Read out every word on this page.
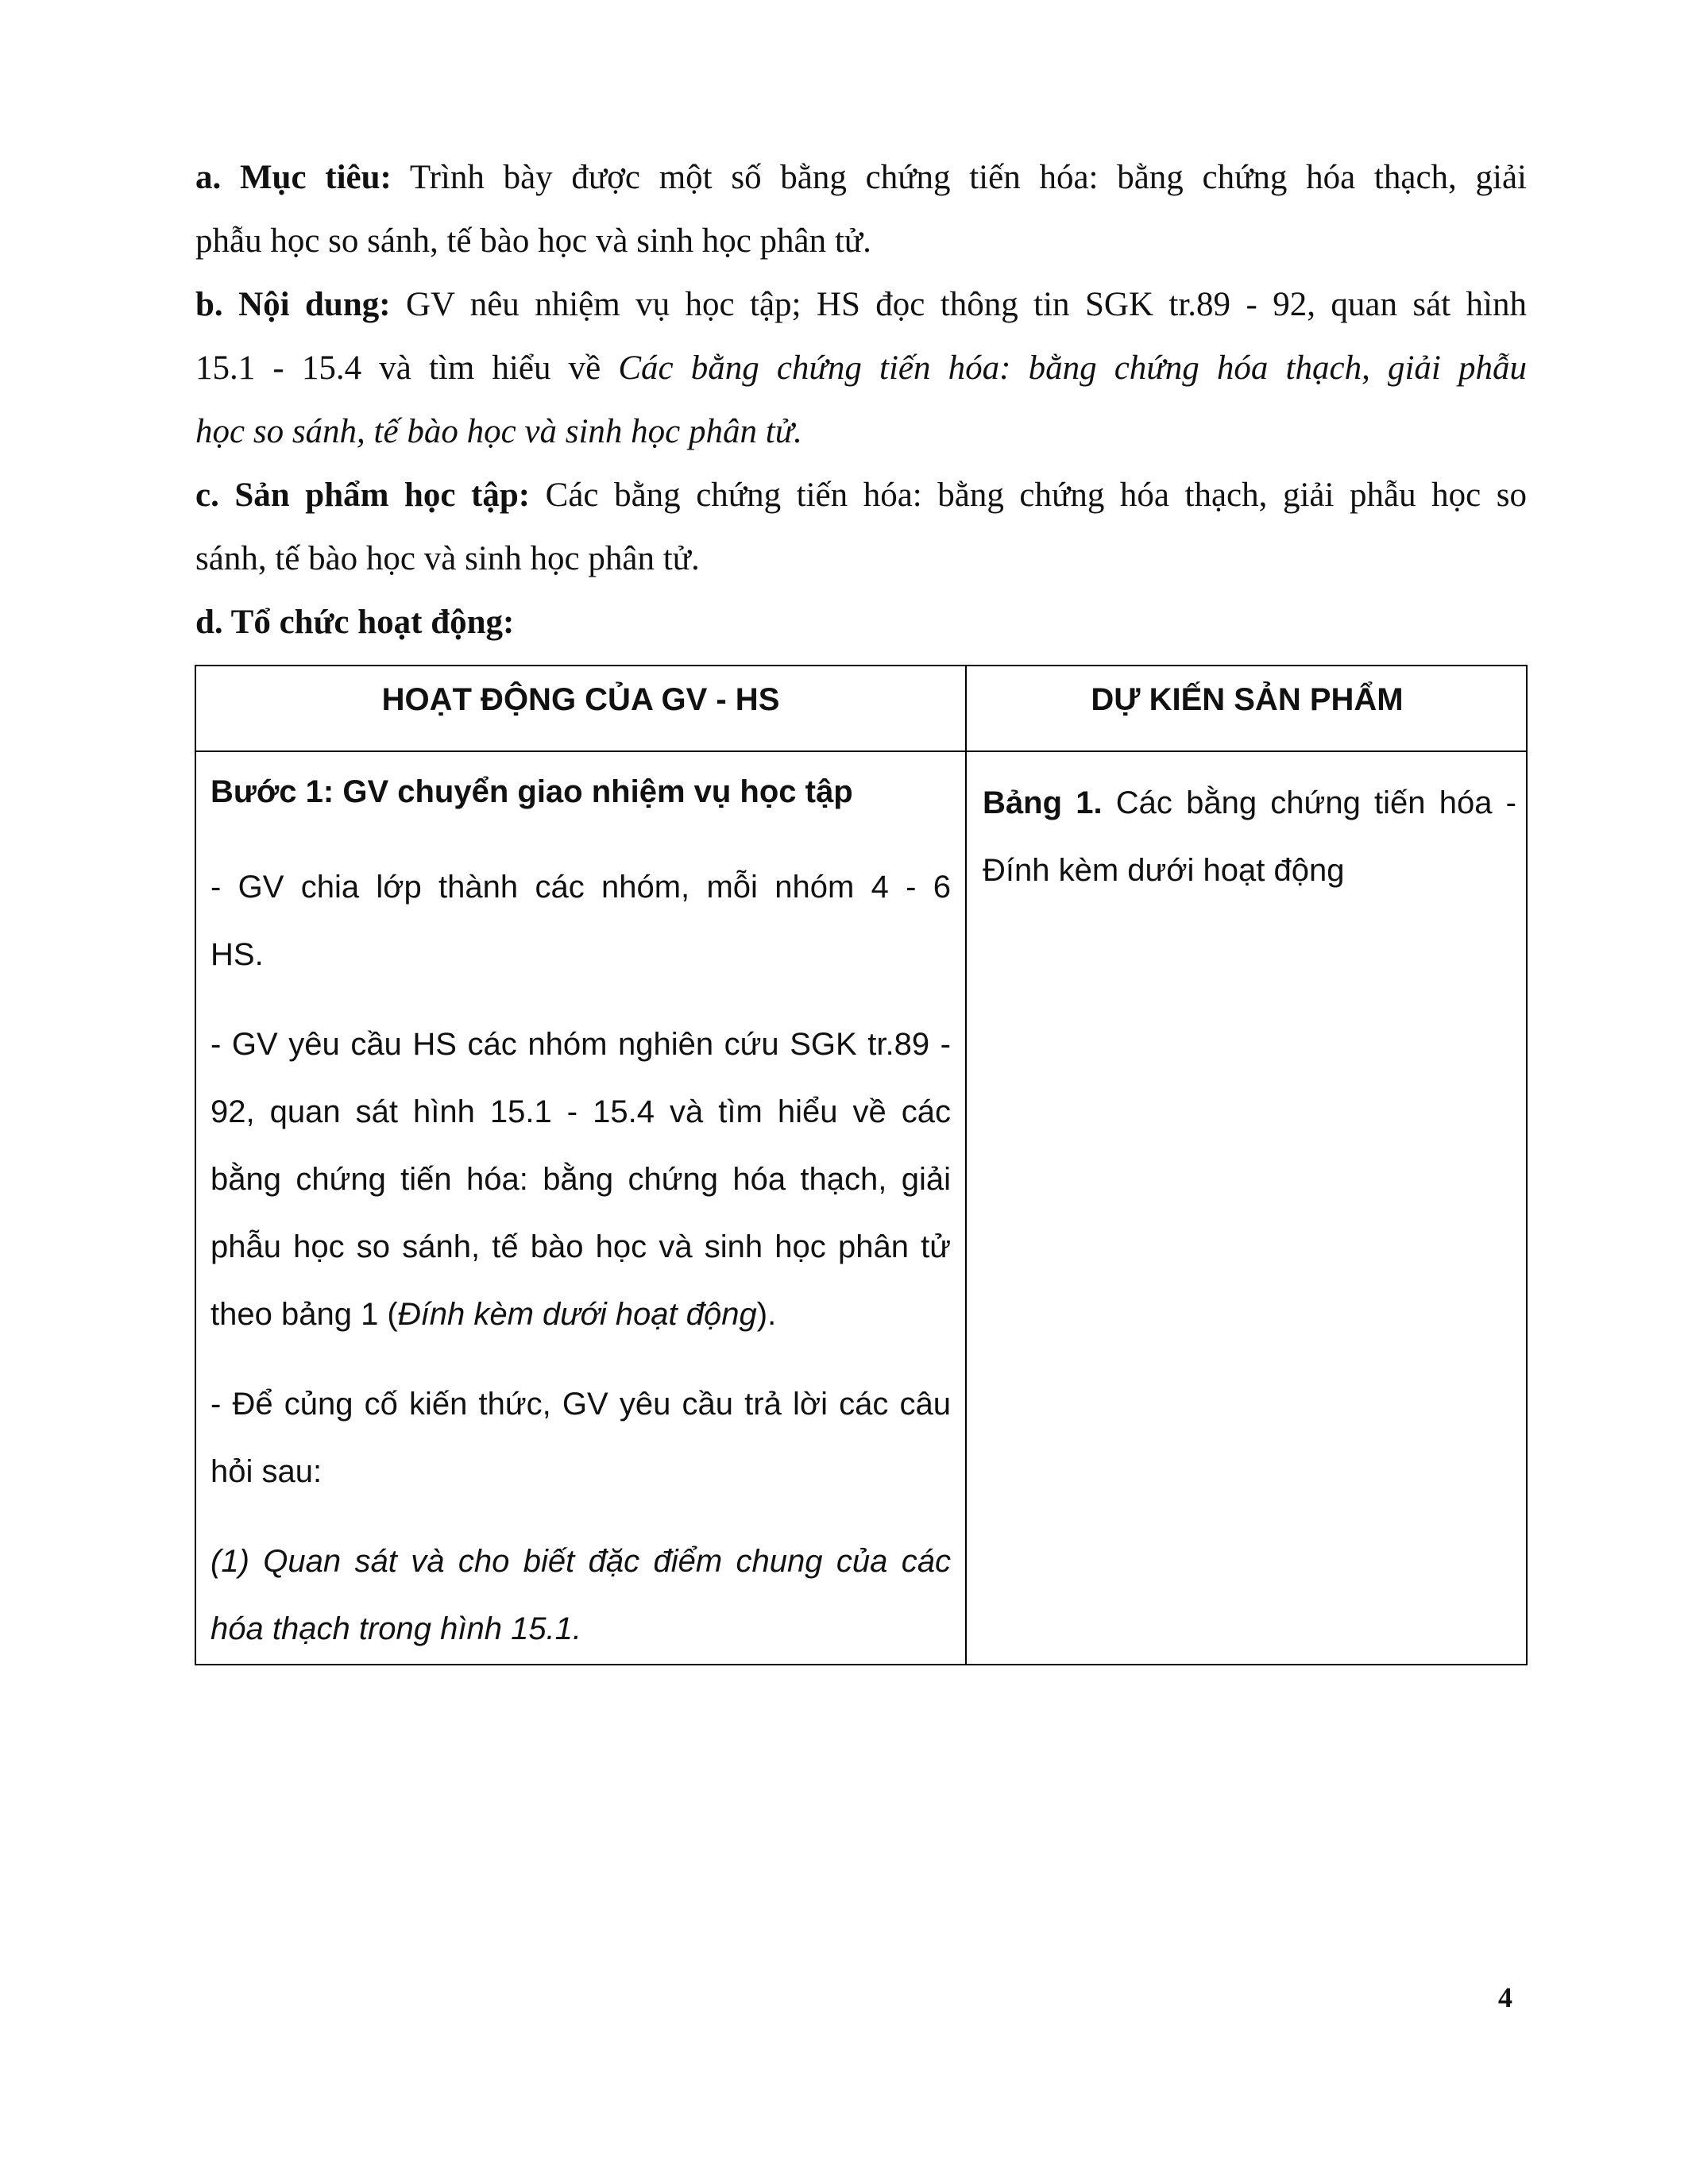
a. Mục tiêu: Trình bày được một số bằng chứng tiến hóa: bằng chứng hóa thạch, giải
phẫu học so sánh, tế bào học và sinh học phân tử.
b. Nội dung: GV nêu nhiệm vụ học tập; HS đọc thông tin SGK tr.89 - 92, quan sát hình
15.1 - 15.4 và tìm hiểu về Các bằng chứng tiến hóa: bằng chứng hóa thạch, giải phẫu
học so sánh, tế bào học và sinh học phân tử.
c. Sản phẩm học tập: Các bằng chứng tiến hóa: bằng chứng hóa thạch, giải phẫu học so
sánh, tế bào học và sinh học phân tử.
d. Tổ chức hoạt động:
HOẠT ĐỘNG CỦA GV - HS	DỰ KIẾN SẢN PHẨM
Bước 1: GV chuyển giao nhiệm vụ học tập
- GV chia lớp thành các nhóm, mỗi nhóm 4 - 6
HS.
- GV yêu cầu HS các nhóm nghiên cứu SGK tr.89 -
92, quan sát hình 15.1 - 15.4 và tìm hiểu về các
bằng chứng tiến hóa: bằng chứng hóa thạch, giải
phẫu học so sánh, tế bào học và sinh học phân tử
theo bảng 1 (Đính kèm dưới hoạt động).
- Để củng cố kiến thức, GV yêu cầu trả lời các câu
hỏi sau:
(1) Quan sát và cho biết đặc điểm chung của các
hóa thạch trong hình 15.1.
Bảng 1. Các bằng chứng tiến hóa -
Đính kèm dưới hoạt động
4
